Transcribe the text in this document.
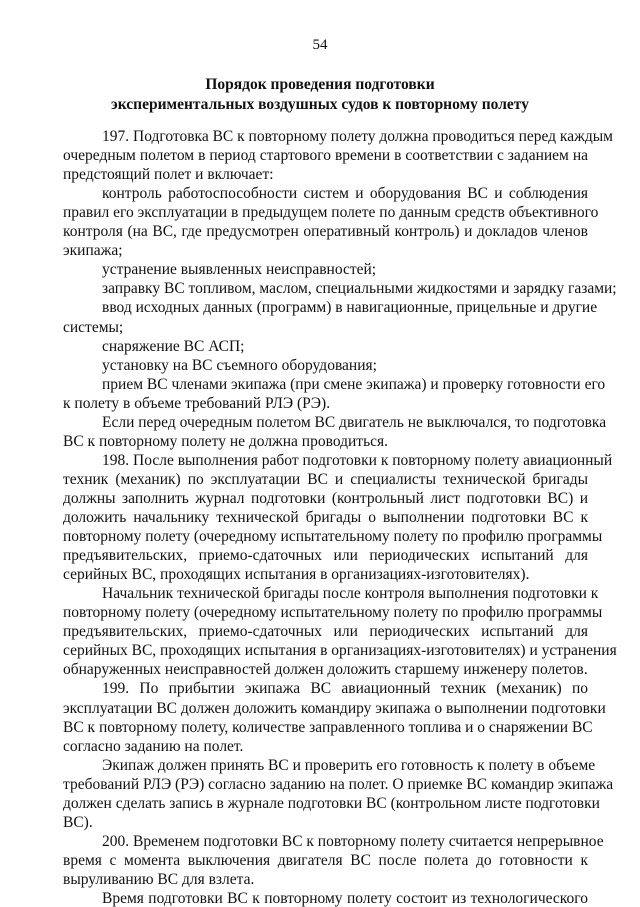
54
Порядок проведения подготовки
экспериментальных воздушных судов к повторному полету
197. Подготовка ВС к повторному полету должна проводиться перед каждым
очередным полетом в период стартового времени в соответствии с заданием на
предстоящий полет и включает:
контроль работоспособности систем и оборудования ВС и соблюдения
правил его эксплуатации в предыдущем полете по данным средств объективного
контроля (на ВС, где предусмотрен оперативный контроль) и докладов членов
экипажа;
устранение выявленных неисправностей;
заправку ВС топливом, маслом, специальными жидкостями и зарядку газами;
ввод исходных данных (программ) в навигационные, прицельные и другие
системы;
снаряжение ВС АСП;
установку на ВС съемного оборудования;
прием ВС членами экипажа (при смене экипажа) и проверку готовности его
к полету в объеме требований РЛЭ (РЭ).
Если перед очередным полетом ВС двигатель не выключался, то подготовка
ВС к повторному полету не должна проводиться.
198. После выполнения работ подготовки к повторному полету авиационный
техник (механик) по эксплуатации ВС и специалисты технической бригады
должны заполнить журнал подготовки (контрольный лист подготовки ВС) и
доложить начальнику технической бригады о выполнении подготовки ВС к
повторному полету (очередному испытательному полету по профилю программы
предъявительских, приемо-сдаточных или периодических испытаний для
серийных ВС, проходящих испытания в организациях-изготовителях).
Начальник технической бригады после контроля выполнения подготовки к
повторному полету (очередному испытательному полету по профилю программы
предъявительских, приемо-сдаточных или периодических испытаний для
серийных ВС, проходящих испытания в организациях-изготовителях) и устранения
обнаруженных неисправностей должен доложить старшему инженеру полетов.
199. По прибытии экипажа ВС авиационный техник (механик) по
эксплуатации ВС должен доложить командиру экипажа о выполнении подготовки
ВС к повторному полету, количестве заправленного топлива и о снаряжении ВС
согласно заданию на полет.
Экипаж должен принять ВС и проверить его готовность к полету в объеме
требований РЛЭ (РЭ) согласно заданию на полет. О приемке ВС командир экипажа
должен сделать запись в журнале подготовки ВС (контрольном листе подготовки
ВС).
200. Временем подготовки ВС к повторному полету считается непрерывное
время с момента выключения двигателя ВС после полета до готовности к
выруливанию ВС для взлета.
Время подготовки ВС к повторному полету состоит из технологического
